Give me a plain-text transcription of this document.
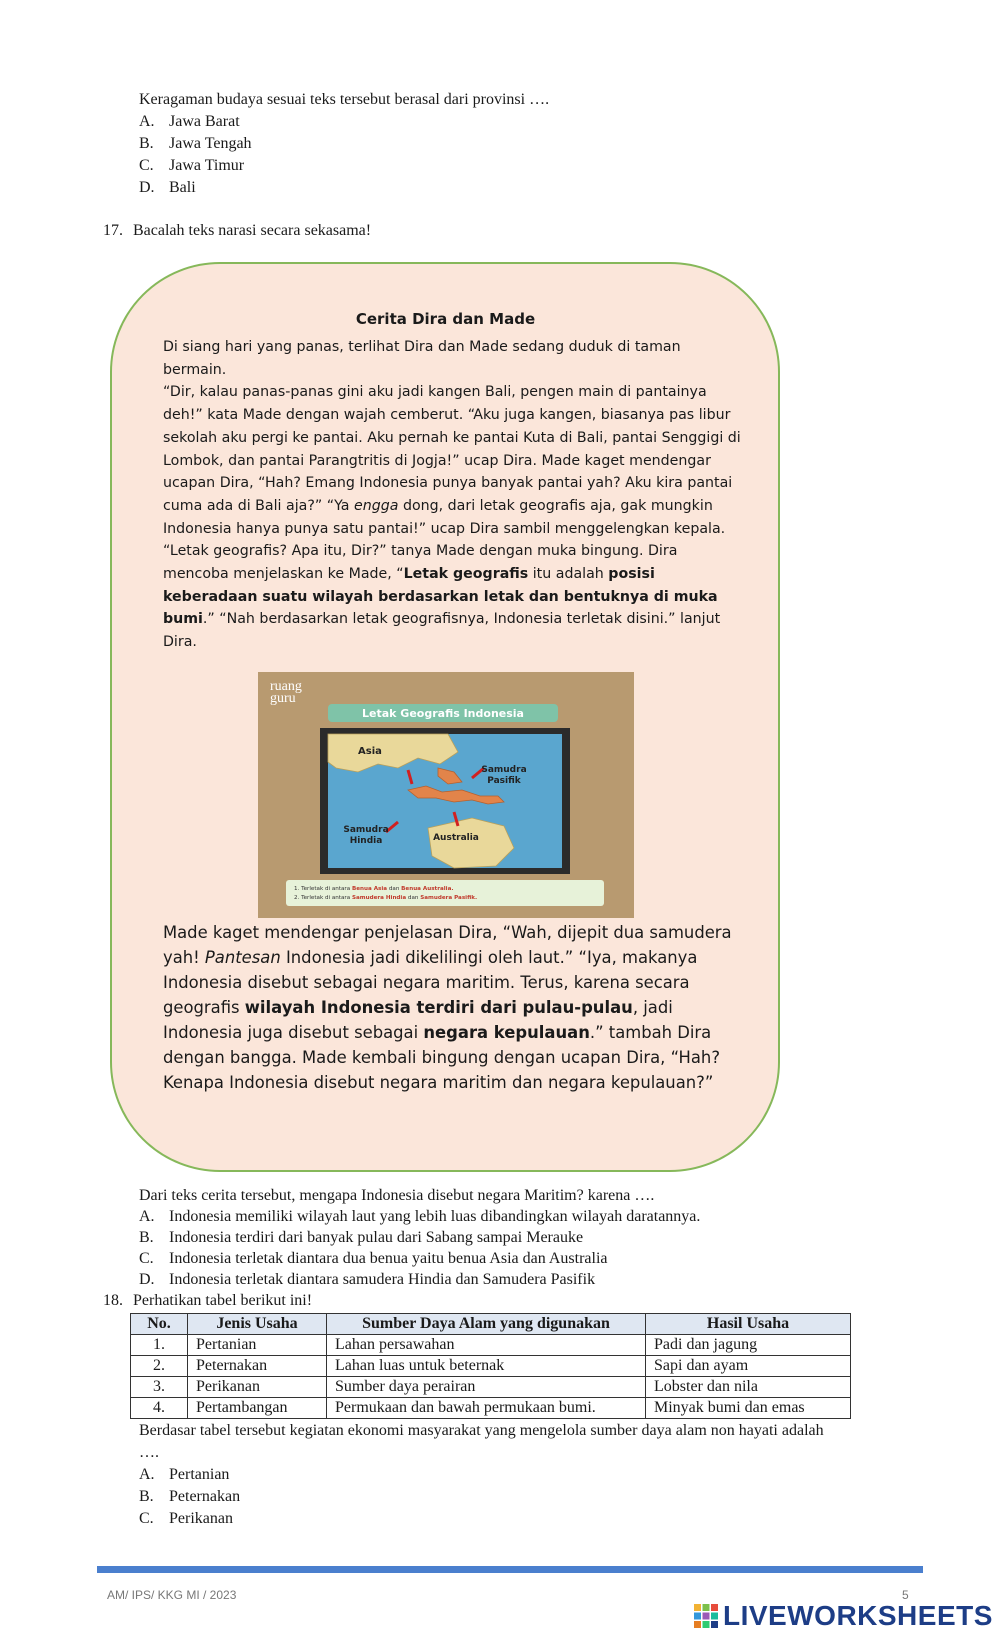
Keragaman budaya sesuai teks tersebut berasal dari provinsi ….
A. Jawa Barat
B. Jawa Tengah
C. Jawa Timur
D. Bali
17. Bacalah teks narasi secara sekasama!
Cerita Dira dan Made
Di siang hari yang panas, terlihat Dira dan Made sedang duduk di taman bermain.
“Dir, kalau panas-panas gini aku jadi kangen Bali, pengen main di pantainya deh!” kata Made dengan wajah cemberut. “Aku juga kangen, biasanya pas libur sekolah aku pergi ke pantai. Aku pernah ke pantai Kuta di Bali, pantai Senggigi di Lombok, dan pantai Parangtritis di Jogja!” ucap Dira. Made kaget mendengar ucapan Dira, “Hah? Emang Indonesia punya banyak pantai yah? Aku kira pantai cuma ada di Bali aja?” “Ya engga dong, dari letak geografis aja, gak mungkin Indonesia hanya punya satu pantai!” ucap Dira sambil menggelengkan kepala. “Letak geografis? Apa itu, Dir?” tanya Made dengan muka bingung. Dira mencoba menjelaskan ke Made, “Letak geografis itu adalah posisi keberadaan suatu wilayah berdasarkan letak dan bentuknya di muka bumi.” “Nah berdasarkan letak geografisnya, Indonesia terletak disini.” lanjut Dira.
ruang
guru
Letak Geografis Indonesia
Asia
Samudra
Pasifik
Samudra
Hindia	Australia
1. Terletak di antara Benua Asia dan Benua Australia.
2. Terletak di antara Samudera Hindia dan Samudera Pasifik.
Made kaget mendengar penjelasan Dira, “Wah, dijepit dua samudera yah! Pantesan Indonesia jadi dikelilingi oleh laut.” “Iya, makanya Indonesia disebut sebagai negara maritim. Terus, karena secara geografis wilayah Indonesia terdiri dari pulau-pulau, jadi Indonesia juga disebut sebagai negara kepulauan.” tambah Dira dengan bangga. Made kembali bingung dengan ucapan Dira, “Hah? Kenapa Indonesia disebut negara maritim dan negara kepulauan?”
Dari teks cerita tersebut, mengapa Indonesia disebut negara Maritim? karena ….
A. Indonesia memiliki wilayah laut yang lebih luas dibandingkan wilayah daratannya.
B. Indonesia terdiri dari banyak pulau dari Sabang sampai Merauke
C. Indonesia terletak diantara dua benua yaitu benua Asia dan Australia
D. Indonesia terletak diantara samudera Hindia dan Samudera Pasifik
18. Perhatikan tabel berikut ini!
No.	Jenis Usaha	Sumber Daya Alam yang digunakan	Hasil Usaha
1.	Pertanian	Lahan persawahan	Padi dan jagung
2.	Peternakan	Lahan luas untuk beternak	Sapi dan ayam
3.	Perikanan	Sumber daya perairan	Lobster dan nila
4.	Pertambangan	Permukaan dan bawah permukaan bumi.	Minyak bumi dan emas
Berdasar tabel tersebut kegiatan ekonomi masyarakat yang mengelola sumber daya alam non hayati adalah
….
A. Pertanian
B. Peternakan
C. Perikanan
AM/ IPS/ KKG MI / 2023	5
LIVEWORKSHEETS
